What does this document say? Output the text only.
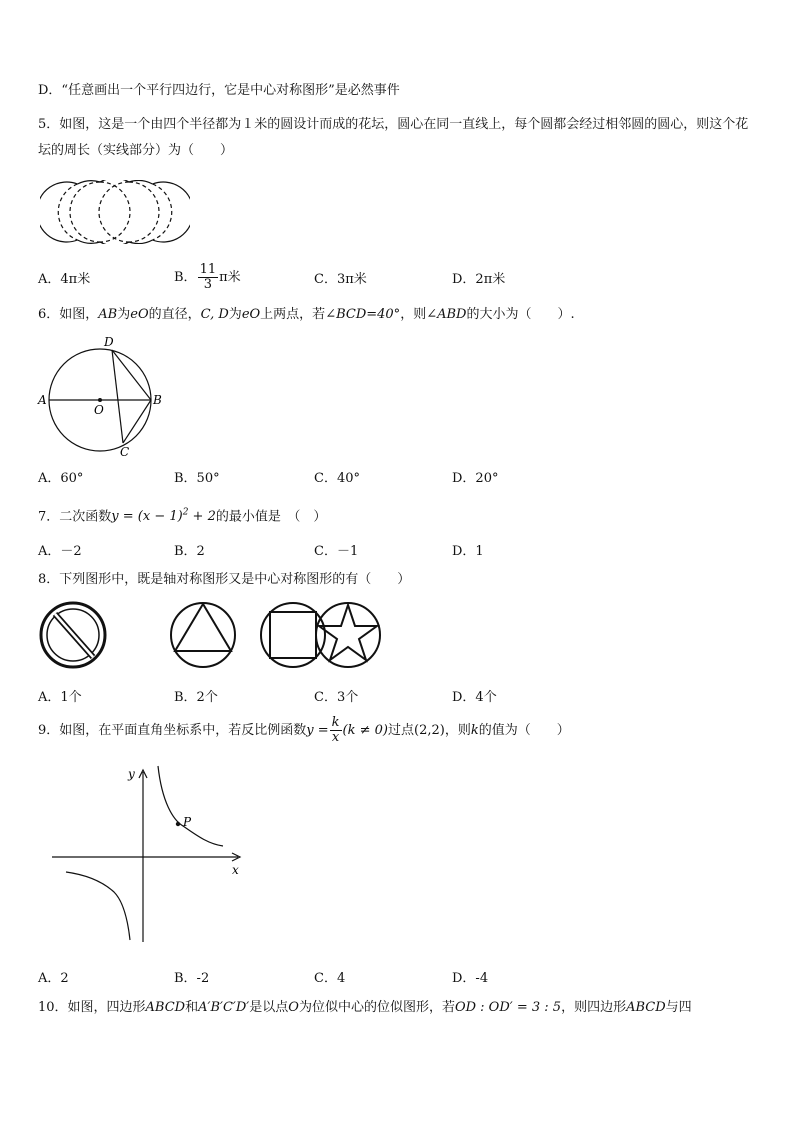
D．“任意画出一个平行四边行，它是中心对称图形”是必然事件
5．如图，这是一个由四个半径都为１米的圆设计而成的花坛，圆心在同一直线上，每个圆都会经过相邻圆的圆心，则这个花坛的周长（实线部分）为（　　）
A．4π米	B． $\frac{11}{3}$ π米	C．3π米	D．2π米
6．如图，AB为eO的直径，C, D为eO上两点，若∠BCD=40°，则∠ABD的大小为（　　）.
A	B
C
D
O
A．60°	B．50°	C．40°	D．20°
7．二次函数$y = (x - 1)^2 + 2$的最小值是　（　）
A．－2	B．2	C．－1	D．1
8．下列图形中，既是轴对称图形又是中心对称图形的有（　　）
A．1个	B．2个	C．3个	D．4个
9．如图，在平面直角坐标系中，若反比例函数$y = \frac{k}{x} (k \ne 0)$过点(2,2)，则k的值为（　　）
P
x
y
A．2	B．-2	C．4	D．-4
10．如图，四边形ABCD和A′B′C′D′是以点O为位似中心的位似图形，若OD : OD′ = 3 : 5，则四边形ABCD与四
